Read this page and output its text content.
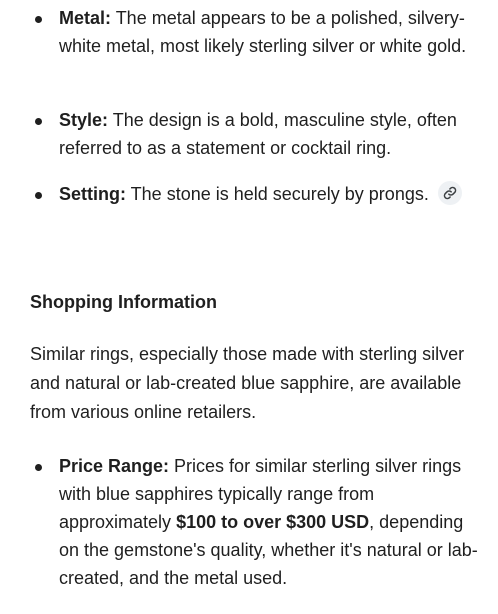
Metal: The metal appears to be a polished, silvery-white metal, most likely sterling silver or white gold.
Style: The design is a bold, masculine style, often referred to as a statement or cocktail ring.
Setting: The stone is held securely by prongs.
Shopping Information
Similar rings, especially those made with sterling silver and natural or lab-created blue sapphire, are available from various online retailers.
Price Range: Prices for similar sterling silver rings with blue sapphires typically range from approximately $100 to over $300 USD, depending on the gemstone's quality, whether it's natural or lab-created, and the metal used.
